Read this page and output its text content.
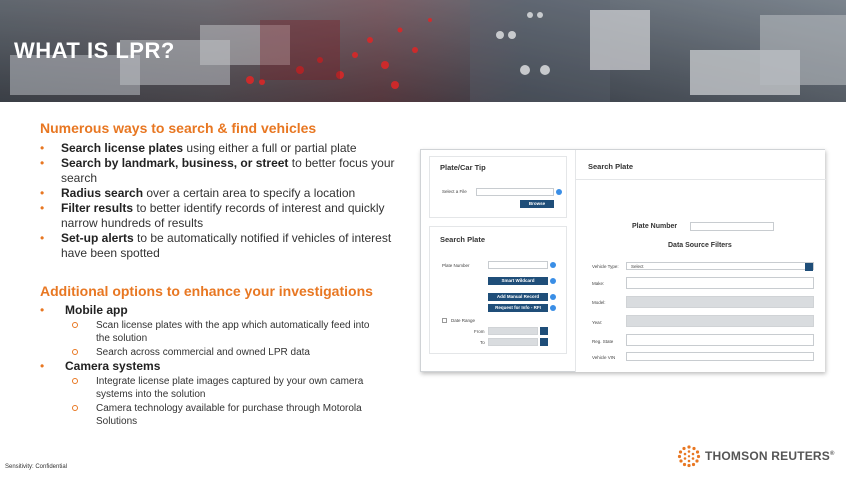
WHAT IS LPR?
Numerous ways to search & find vehicles
• Search license plates using either a full or partial plate
• Search by landmark, business, or street to better focus your search
• Radius search over a certain area to specify a location
• Filter results to better identify records of interest and quickly narrow hundreds of results
• Set-up alerts to be automatically notified if vehicles of interest have been spotted
Additional options to enhance your investigations
• Mobile app
Scan license plates with the app which automatically feed into the solution
Search across commercial and owned LPR data
• Camera systems
Integrate license plate images captured by your own camera systems into the solution
Camera technology available for purchase through Motorola Solutions
Plate/Car Tip
Select a File
Browse
Search Plate
Plate Number
Smart Wildcard
Add Manual Record
Request for Info - RFI
Date Range
From
To
Search Plate
Plate Number
Data Source Filters
Vehicle Type:	Select
Make:
Model:
Year:
Reg. State
Vehicle VIN
THOMSON REUTERS®
Sensitivity: Confidential
